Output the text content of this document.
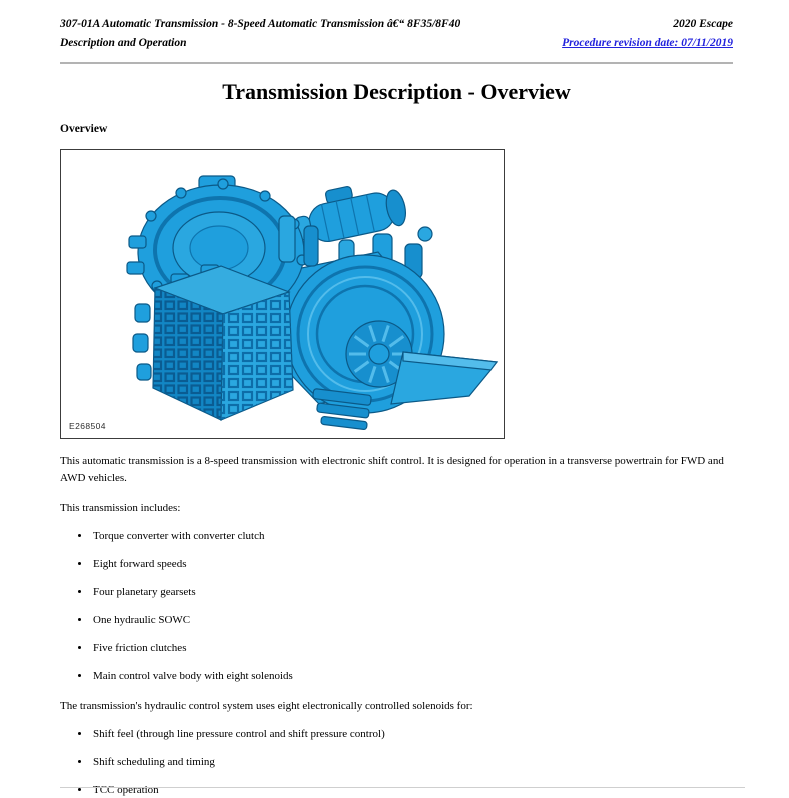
307-01A Automatic Transmission - 8-Speed Automatic Transmission â€“ 8F35/8F40	2020 Escape
Description and Operation	Procedure revision date: 07/11/2019
Transmission Description - Overview
Overview
E268504

This automatic transmission is a 8-speed transmission with electronic shift control. It is designed for operation in a transverse powertrain for FWD and AWD vehicles.

This transmission includes:

• Torque converter with converter clutch
• Eight forward speeds
• Four planetary gearsets
• One hydraulic SOWC
• Five friction clutches
• Main control valve body with eight solenoids

The transmission's hydraulic control system uses eight electronically controlled solenoids for:

• Shift feel (through line pressure control and shift pressure control)
• Shift scheduling and timing
• TCC operation
